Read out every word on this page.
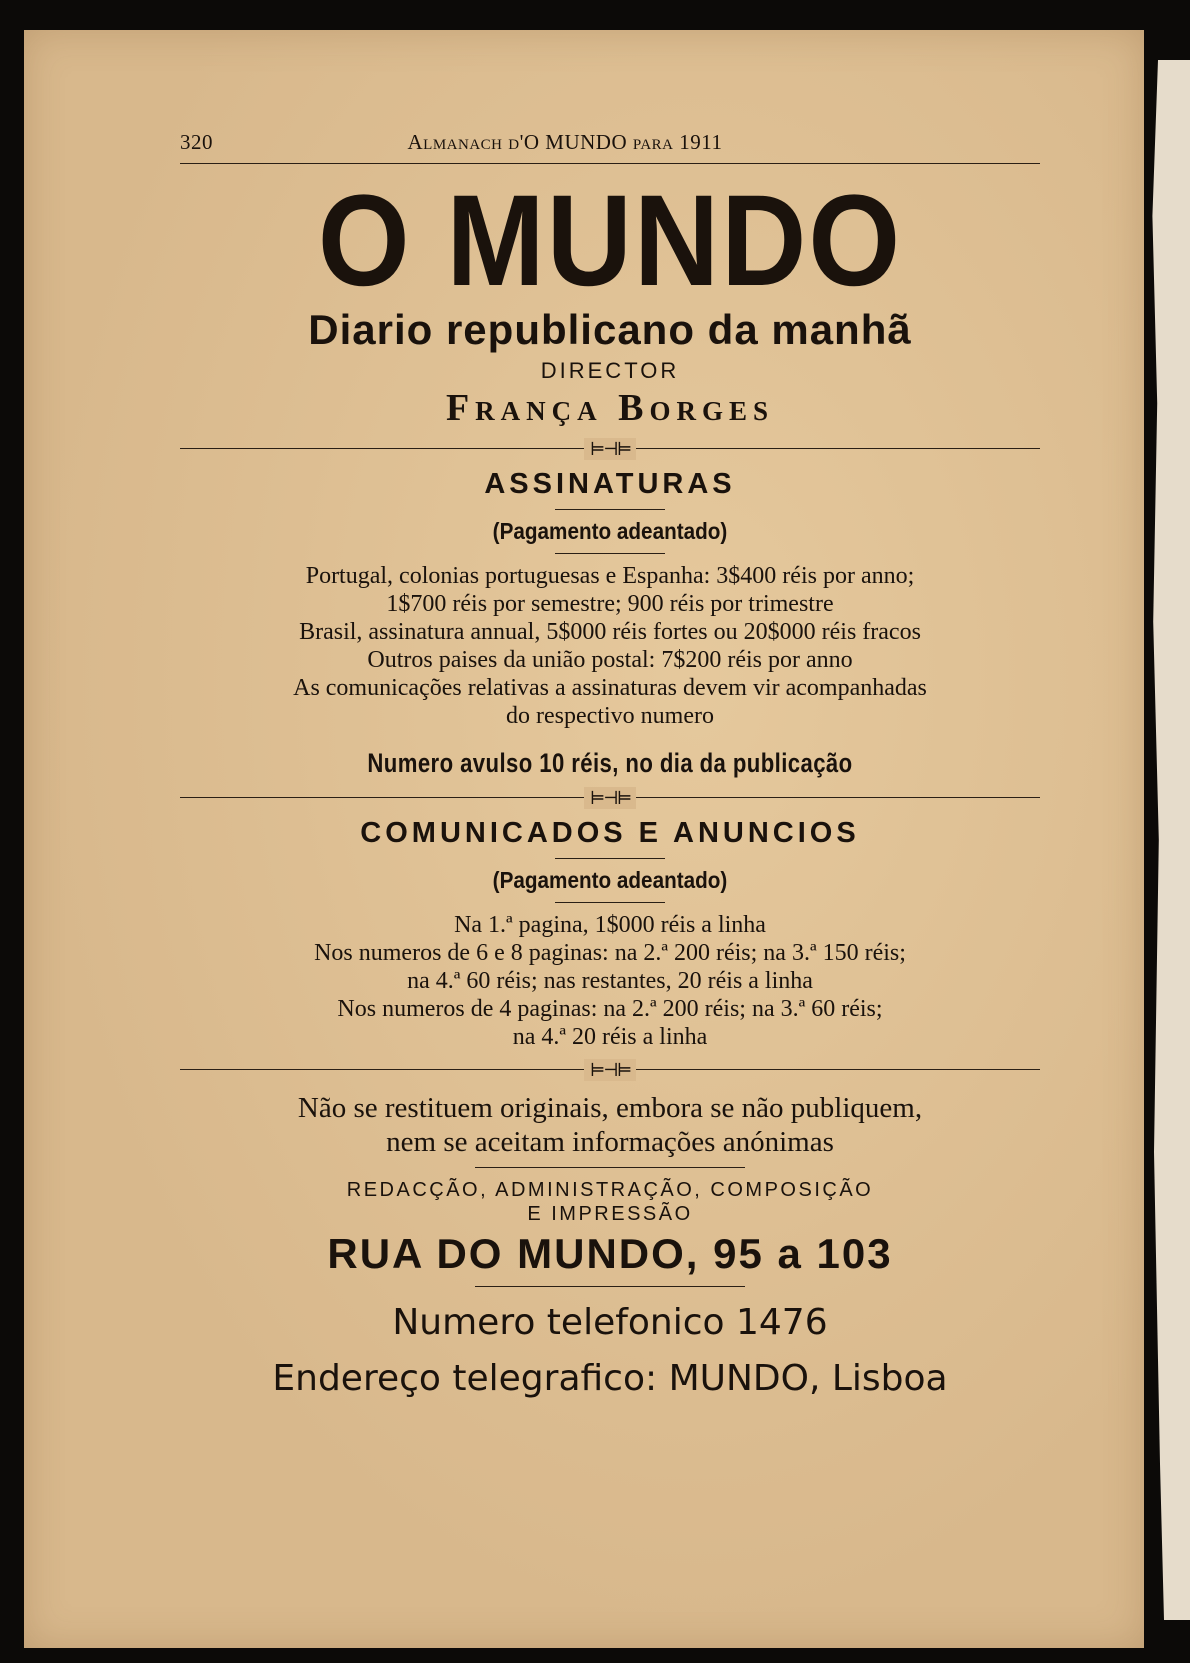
320	Almanach d'O MUNDO para 1911
O MUNDO
Diario republicano da manhã
DIRECTOR
França Borges
⊨⊣⊨
ASSINATURAS
(Pagamento adeantado)
Portugal, colonias portuguesas e Espanha: 3$400 réis por anno;
1$700 réis por semestre; 900 réis por trimestre
Brasil, assinatura annual, 5$000 réis fortes ou 20$000 réis fracos
Outros paises da união postal: 7$200 réis por anno
As comunicações relativas a assinaturas devem vir acompanhadas
do respectivo numero
Numero avulso 10 réis, no dia da publicação
⊨⊣⊨
COMUNICADOS E ANUNCIOS
(Pagamento adeantado)
Na 1.ª pagina, 1$000 réis a linha
Nos numeros de 6 e 8 paginas: na 2.ª 200 réis; na 3.ª 150 réis;
na 4.ª 60 réis; nas restantes, 20 réis a linha
Nos numeros de 4 paginas: na 2.ª 200 réis; na 3.ª 60 réis;
na 4.ª 20 réis a linha
⊨⊣⊨
Não se restituem originais, embora se não publiquem,
nem se aceitam informações anónimas
REDACÇÃO, ADMINISTRAÇÃO, COMPOSIÇÃO
E IMPRESSÃO
RUA DO MUNDO, 95 a 103
Numero telefonico 1476
Endereço telegrafico: MUNDO, Lisboa
